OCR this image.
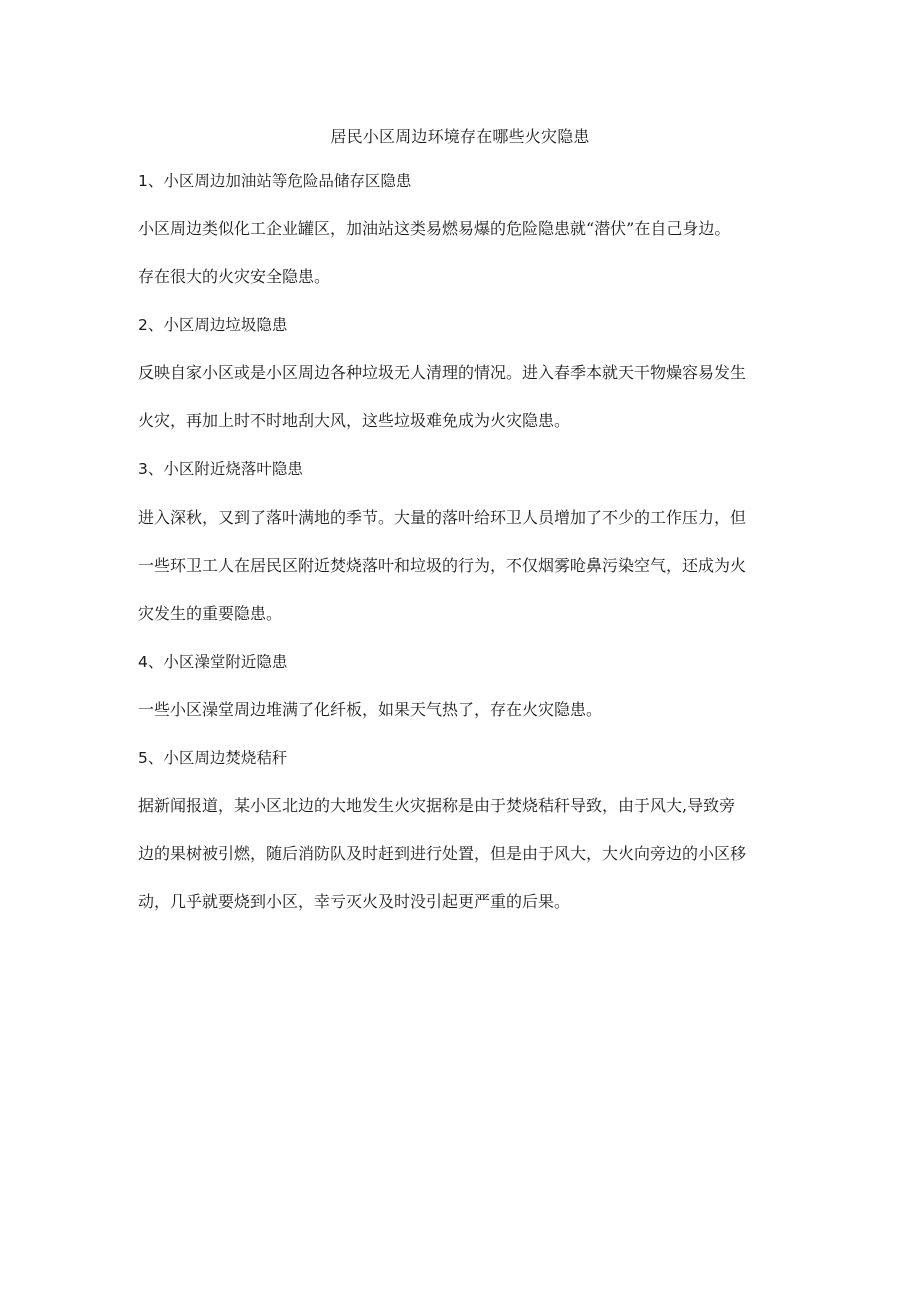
居民小区周边环境存在哪些火灾隐患
1、小区周边加油站等危险品储存区隐患
小区周边类似化工企业罐区，加油站这类易燃易爆的危险隐患就“潜伏”在自己身边。
存在很大的火灾安全隐患。
2、小区周边垃圾隐患
反映自家小区或是小区周边各种垃圾无人清理的情况。进入春季本就天干物燥容易发生
火灾，再加上时不时地刮大风，这些垃圾难免成为火灾隐患。
3、小区附近烧落叶隐患
进入深秋，又到了落叶满地的季节。大量的落叶给环卫人员增加了不少的工作压力，但
一些环卫工人在居民区附近焚烧落叶和垃圾的行为，不仅烟雾呛鼻污染空气，还成为火
灾发生的重要隐患。
4、小区澡堂附近隐患
一些小区澡堂周边堆满了化纤板，如果天气热了，存在火灾隐患。
5、小区周边焚烧秸秆
据新闻报道，某小区北边的大地发生火灾据称是由于焚烧秸秆导致，由于风大,导致旁
边的果树被引燃，随后消防队及时赶到进行处置，但是由于风大，大火向旁边的小区移
动，几乎就要烧到小区，幸亏灭火及时没引起更严重的后果。
